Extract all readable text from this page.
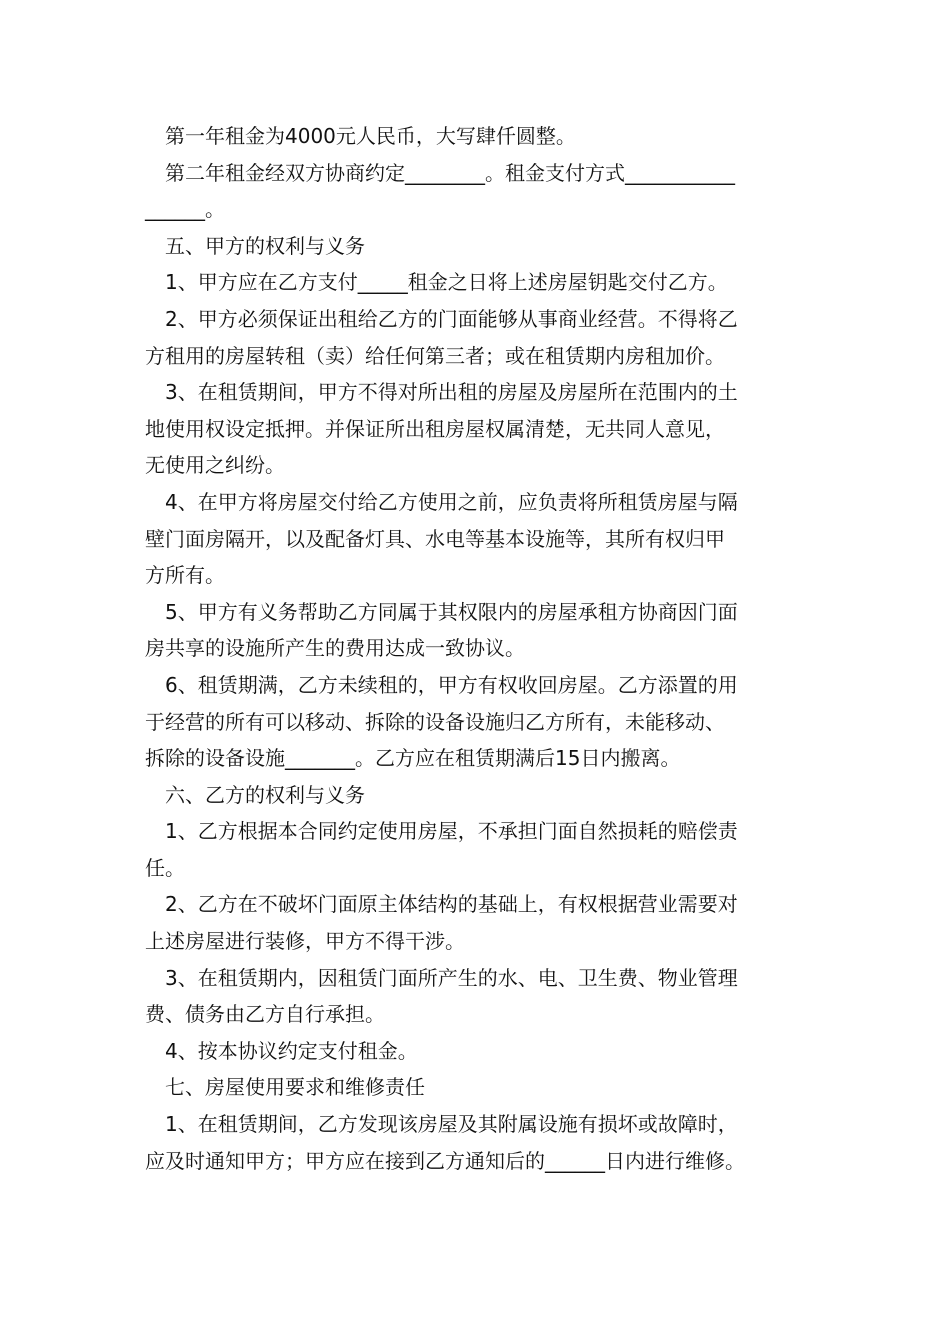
第一年租金为4000元人民币，大写肆仟圆整。

第二年租金经双方协商约定________。租金支付方式___________
______。

五、甲方的权利与义务

1、甲方应在乙方支付_____租金之日将上述房屋钥匙交付乙方。

2、甲方必须保证出租给乙方的门面能够从事商业经营。不得将乙
方租用的房屋转租（卖）给任何第三者；或在租赁期内房租加价。

3、在租赁期间，甲方不得对所出租的房屋及房屋所在范围内的土
地使用权设定抵押。并保证所出租房屋权属清楚，无共同人意见，
无使用之纠纷。

4、在甲方将房屋交付给乙方使用之前，应负责将所租赁房屋与隔
壁门面房隔开，以及配备灯具、水电等基本设施等，其所有权归甲
方所有。

5、甲方有义务帮助乙方同属于其权限内的房屋承租方协商因门面
房共享的设施所产生的费用达成一致协议。

6、租赁期满，乙方未续租的，甲方有权收回房屋。乙方添置的用
于经营的所有可以移动、拆除的设备设施归乙方所有，未能移动、
拆除的设备设施_______。乙方应在租赁期满后15日内搬离。

六、乙方的权利与义务

1、乙方根据本合同约定使用房屋，不承担门面自然损耗的赔偿责
任。

2、乙方在不破坏门面原主体结构的基础上，有权根据营业需要对
上述房屋进行装修，甲方不得干涉。

3、在租赁期内，因租赁门面所产生的水、电、卫生费、物业管理
费、债务由乙方自行承担。

4、按本协议约定支付租金。

七、房屋使用要求和维修责任

1、在租赁期间，乙方发现该房屋及其附属设施有损坏或故障时，
应及时通知甲方；甲方应在接到乙方通知后的______日内进行维修。
